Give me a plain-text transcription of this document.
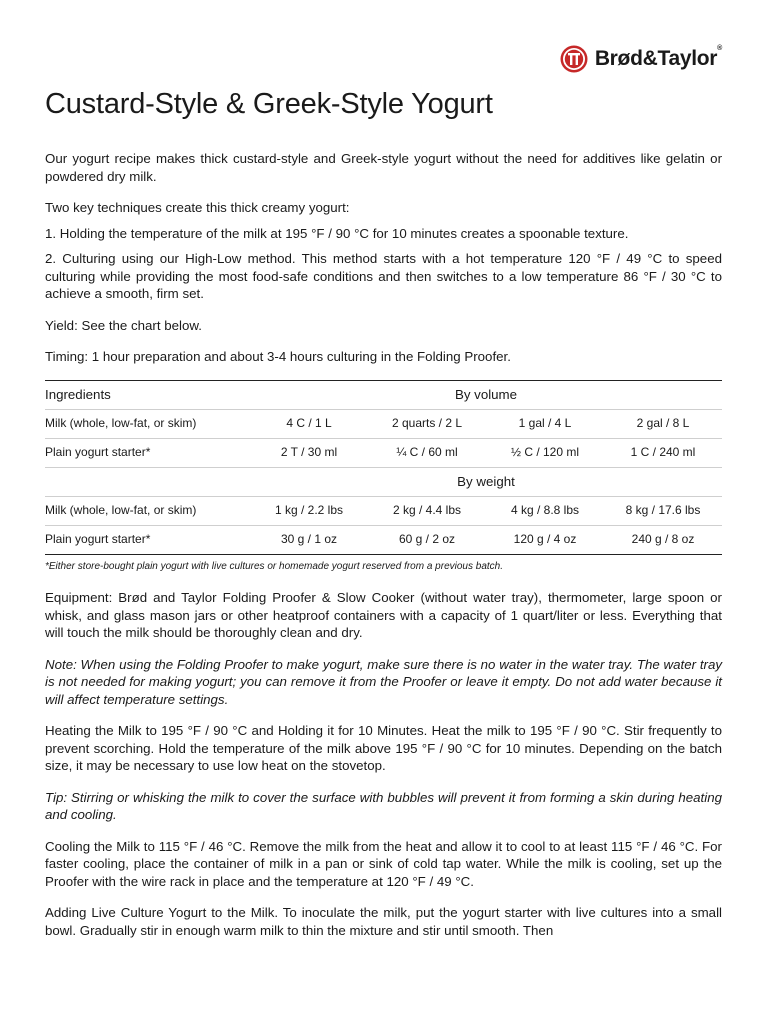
Brød&Taylor®
Custard-Style & Greek-Style Yogurt

Our yogurt recipe makes thick custard-style and Greek-style yogurt without the need for additives like gelatin or powdered dry milk.

Two key techniques create this thick creamy yogurt:

1. Holding the temperature of the milk at 195 °F / 90 °C for 10 minutes creates a spoonable texture.

2. Culturing using our High-Low method. This method starts with a hot temperature 120 °F / 49 °C to speed culturing while providing the most food-safe conditions and then switches to a low temperature 86 °F / 30 °C to achieve a smooth, firm set.

Yield: See the chart below.

Timing: 1 hour preparation and about 3-4 hours culturing in the Folding Proofer.

Ingredients	By volume			
Milk (whole, low-fat, or skim)	4 C / 1 L	2 quarts / 2 L	1 gal / 4 L	2 gal / 8 L
Plain yogurt starter*	2 T / 30 ml	¼ C / 60 ml	½ C / 120 ml	1 C / 240 ml
	By weight			
Milk (whole, low-fat, or skim)	1 kg / 2.2 lbs	2 kg / 4.4 lbs	4 kg / 8.8 lbs	8 kg / 17.6 lbs
Plain yogurt starter*	30 g / 1 oz	60 g / 2 oz	120 g / 4 oz	240 g / 8 oz
*Either store-bought plain yogurt with live cultures or homemade yogurt reserved from a previous batch.

Equipment: Brød and Taylor Folding Proofer & Slow Cooker (without water tray), thermometer, large spoon or whisk, and glass mason jars or other heatproof containers with a capacity of 1 quart/liter or less. Everything that will touch the milk should be thoroughly clean and dry.

Note: When using the Folding Proofer to make yogurt, make sure there is no water in the water tray. The water tray is not needed for making yogurt; you can remove it from the Proofer or leave it empty. Do not add water because it will affect temperature settings.

Heating the Milk to 195 °F / 90 °C and Holding it for 10 Minutes. Heat the milk to 195 °F / 90 °C. Stir frequently to prevent scorching. Hold the temperature of the milk above 195 °F / 90 °C for 10 minutes. Depending on the batch size, it may be necessary to use low heat on the stovetop.

Tip: Stirring or whisking the milk to cover the surface with bubbles will prevent it from forming a skin during heating and cooling.

Cooling the Milk to 115 °F / 46 °C. Remove the milk from the heat and allow it to cool to at least 115 °F / 46 °C. For faster cooling, place the container of milk in a pan or sink of cold tap water. While the milk is cooling, set up the Proofer with the wire rack in place and the temperature at 120 °F / 49 °C.

Adding Live Culture Yogurt to the Milk. To inoculate the milk, put the yogurt starter with live cultures into a small bowl. Gradually stir in enough warm milk to thin the mixture and stir until smooth. Then
